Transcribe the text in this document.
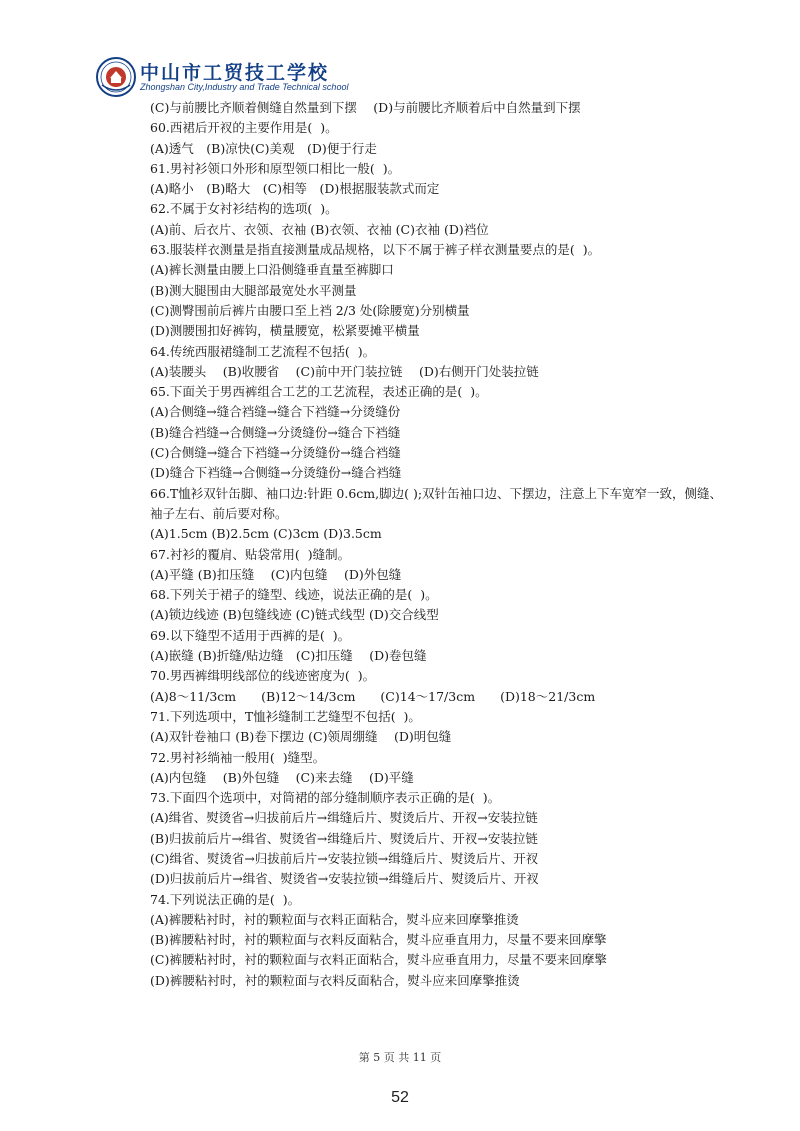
中山市工贸技工学校
Zhongshan City,Industry and Trade Technical school
(C)与前腰比齐顺着侧缝自然量到下摆　 (D)与前腰比齐顺着后中自然量到下摆
60.西裙后开衩的主要作用是(  )。
(A)透气　(B)凉快(C)美观　(D)便于行走
61.男衬衫领口外形和原型领口相比一般(  )。
(A)略小　(B)略大　(C)相等　(D)根据服装款式而定
62.不属于女衬衫结构的选项(  )。
(A)前、后衣片、衣领、衣袖 (B)衣领、衣袖 (C)衣袖 (D)裆位
63.服装样衣测量是指直接测量成品规格，以下不属于裤子样衣测量要点的是(  )。
(A)裤长测量由腰上口沿侧缝垂直量至裤脚口
(B)测大腿围由大腿部最宽处水平测量
(C)测臀围前后裤片由腰口至上裆 2/3 处(除腰宽)分别横量
(D)测腰围扣好裤钩，横量腰宽，松紧要摊平横量
64.传统西服裙缝制工艺流程不包括(  )。
(A)装腰头　 (B)收腰省　 (C)前中开门装拉链　 (D)右侧开门处装拉链
65.下面关于男西裤组合工艺的工艺流程，表述正确的是(  )。
(A)合侧缝→缝合裆缝→缝合下裆缝→分烫缝份
(B)缝合裆缝→合侧缝→分烫缝份→缝合下裆缝
(C)合侧缝→缝合下裆缝→分烫缝份→缝合裆缝
(D)缝合下裆缝→合侧缝→分烫缝份→缝合裆缝
66.T恤衫双针缶脚、袖口边:针距 0.6cm,脚边( );双针缶袖口边、下摆边，注意上下车宽窄一致，侧缝、袖子左右、前后要对称。
(A)1.5cm (B)2.5cm (C)3cm (D)3.5cm
67.衬衫的覆肩、贴袋常用(  )缝制。
(A)平缝 (B)扣压缝　 (C)内包缝　 (D)外包缝
68.下列关于裙子的缝型、线迹，说法正确的是(  )。
(A)锁边线迹 (B)包缝线迹 (C)链式线型 (D)交合线型
69.以下缝型不适用于西裤的是(  )。
(A)嵌缝 (B)折缝/贴边缝　(C)扣压缝　 (D)卷包缝
70.男西裤缉明线部位的线迹密度为(  )。
(A)8～11/3cm　　(B)12～14/3cm　　(C)14～17/3cm　　(D)18～21/3cm
71.下列选项中，T恤衫缝制工艺缝型不包括(  )。
(A)双针卷袖口 (B)卷下摆边 (C)领周绷缝　 (D)明包缝
72.男衬衫绱袖一般用(  )缝型。
(A)内包缝　 (B)外包缝　 (C)来去缝　 (D)平缝
73.下面四个选项中，对筒裙的部分缝制顺序表示正确的是(  )。
(A)缉省、熨烫省→归拔前后片→缉缝后片、熨烫后片、开衩→安装拉链
(B)归拔前后片→缉省、熨烫省→缉缝后片、熨烫后片、开衩→安装拉链
(C)缉省、熨烫省→归拔前后片→安装拉锁→缉缝后片、熨烫后片、开衩
(D)归拔前后片→缉省、熨烫省→安装拉锁→缉缝后片、熨烫后片、开衩
74.下列说法正确的是(  )。
(A)裤腰粘衬时，衬的颗粒面与衣料正面粘合，熨斗应来回摩擎推烫
(B)裤腰粘衬时，衬的颗粒面与衣料反面粘合，熨斗应垂直用力，尽量不要来回摩擎
(C)裤腰粘衬时，衬的颗粒面与衣料正面粘合，熨斗应垂直用力，尽量不要来回摩擎
(D)裤腰粘衬时，衬的颗粒面与衣料反面粘合，熨斗应来回摩擎推烫
第 5 页 共 11 页
52
